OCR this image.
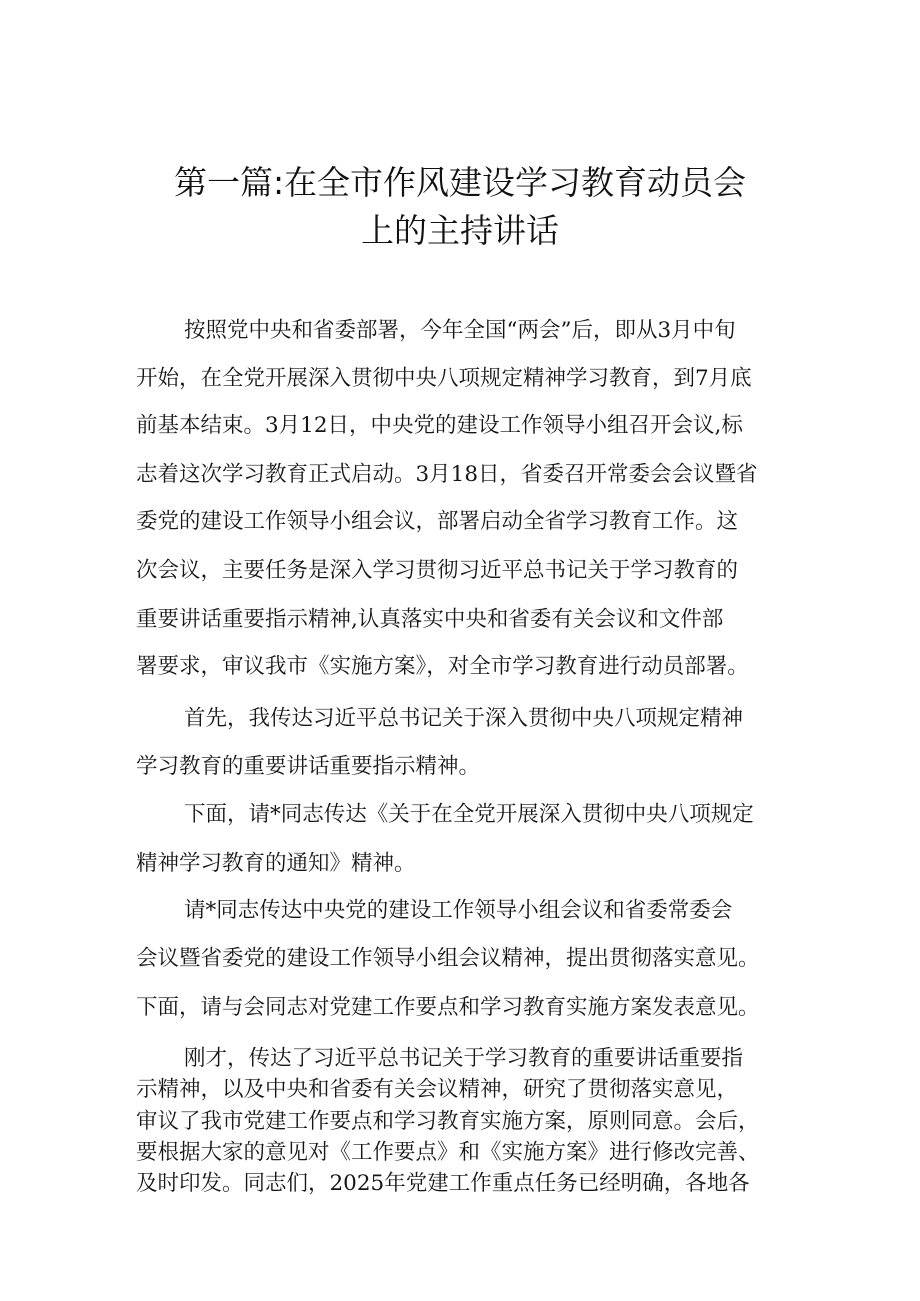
第一篇:在全市作风建设学习教育动员会
上的主持讲话

按照党中央和省委部署，今年全国“两会”后，即从3月中旬

开始，在全党开展深入贯彻中央八项规定精神学习教育，到7月底

前基本结束。3月12日，中央党的建设工作领导小组召开会议,标

志着这次学习教育正式启动。3月18日，省委召开常委会会议暨省

委党的建设工作领导小组会议，部署启动全省学习教育工作。这

次会议，主要任务是深入学习贯彻习近平总书记关于学习教育的

重要讲话重要指示精神,认真落实中央和省委有关会议和文件部

署要求，审议我市《实施方案》，对全市学习教育进行动员部署。

首先，我传达习近平总书记关于深入贯彻中央八项规定精神

学习教育的重要讲话重要指示精神。

下面，请*同志传达《关于在全党开展深入贯彻中央八项规定

精神学习教育的通知》精神。

请*同志传达中央党的建设工作领导小组会议和省委常委会

会议暨省委党的建设工作领导小组会议精神，提出贯彻落实意见。

下面，请与会同志对党建工作要点和学习教育实施方案发表意见。

刚才，传达了习近平总书记关于学习教育的重要讲话重要指

示精神，以及中央和省委有关会议精神，研究了贯彻落实意见，

审议了我市党建工作要点和学习教育实施方案，原则同意。会后，

要根据大家的意见对《工作要点》和《实施方案》进行修改完善、

及时印发。同志们，2025年党建工作重点任务已经明确，各地各
